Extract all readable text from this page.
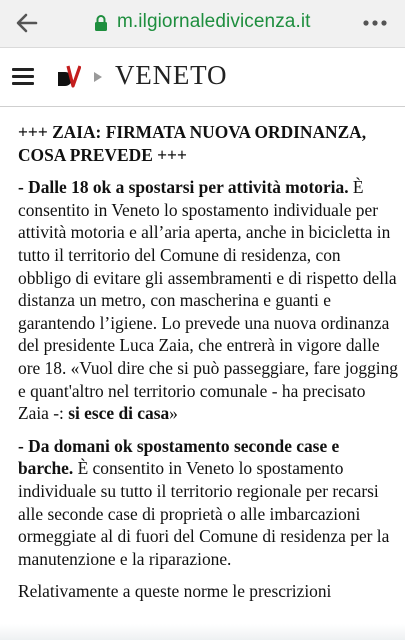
m.ilgiornaledivicenza.it
VENETO

+++ ZAIA: FIRMATA NUOVA ORDINANZA, COSA PREVEDE +++

- Dalle 18 ok a spostarsi per attività motoria. È consentito in Veneto lo spostamento individuale per attività motoria e all’aria aperta, anche in bicicletta in tutto il territorio del Comune di residenza, con obbligo di evitare gli assembramenti e di rispetto della distanza un metro, con mascherina e guanti e garantendo l’igiene. Lo prevede una nuova ordinanza del presidente Luca Zaia, che entrerà in vigore dalle ore 18. «Vuol dire che si può passeggiare, fare jogging e quant'altro nel territorio comunale - ha precisato Zaia -: si esce di casa»

- Da domani ok spostamento seconde case e barche. È consentito in Veneto lo spostamento individuale su tutto il territorio regionale per recarsi alle seconde case di proprietà o alle imbarcazioni ormeggiate al di fuori del Comune di residenza per la manutenzione e la riparazione.

Relativamente a queste norme le prescrizioni
